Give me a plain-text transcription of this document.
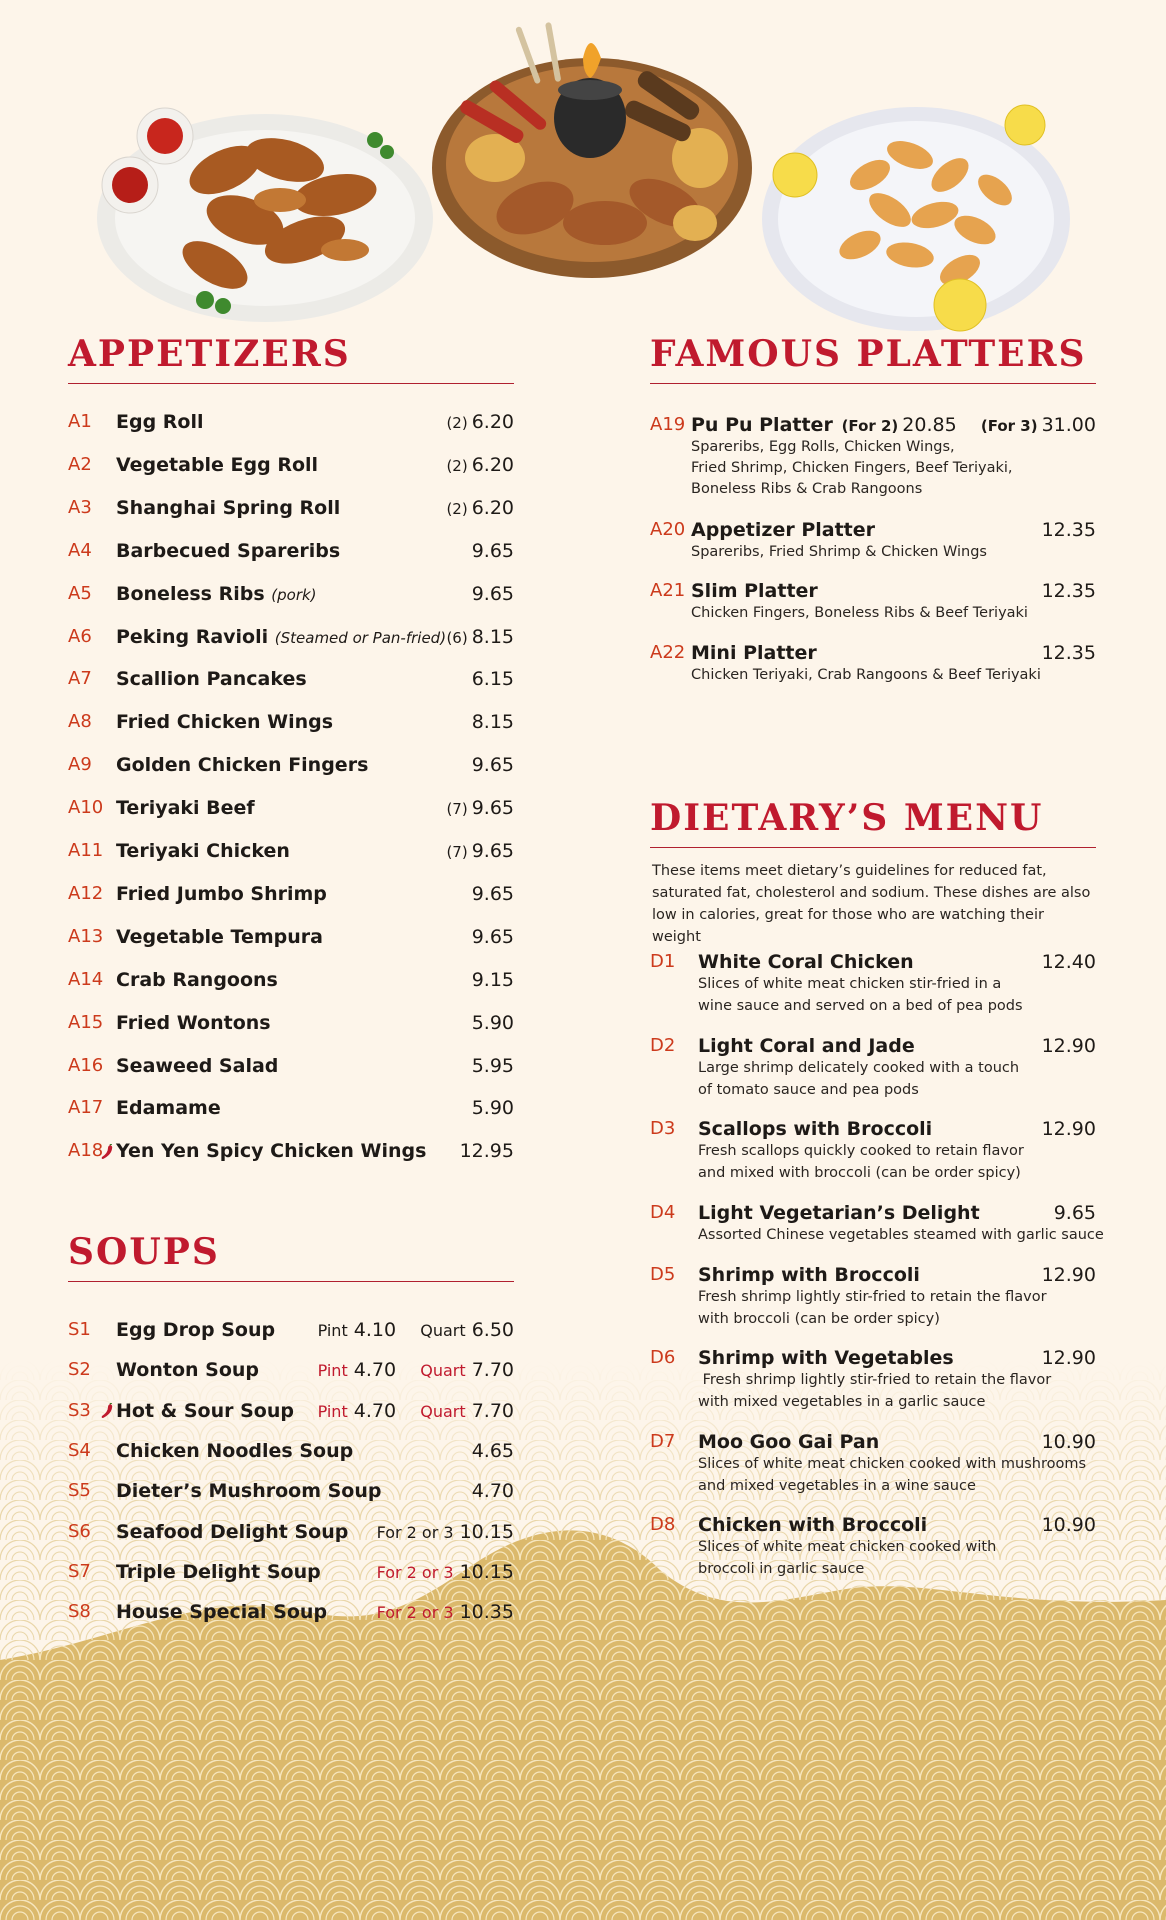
APPETIZERS
A1 Egg Roll	(2) 6.20
A2 Vegetable Egg Roll	(2) 6.20
A3 Shanghai Spring Roll	(2) 6.20
A4 Barbecued Spareribs	9.65
A5 Boneless Ribs (pork)	9.65
A6 Peking Ravioli (Steamed or Pan-fried) (6) 8.15
A7 Scallion Pancakes	6.15
A8 Fried Chicken Wings	8.15
A9 Golden Chicken Fingers	9.65
A10 Teriyaki Beef	(7) 9.65
A11 Teriyaki Chicken	(7) 9.65
A12 Fried Jumbo Shrimp	9.65
A13 Vegetable Tempura	9.65
A14 Crab Rangoons	9.15
A15 Fried Wontons	5.90
A16 Seaweed Salad	5.95
A17 Edamame	5.90
A18 Yen Yen Spicy Chicken Wings 12.95
SOUPS
S1 Egg Drop Soup	Pint 4.10 Quart 6.50
S2 Wonton Soup	Pint 4.70 Quart 7.70
S3	Hot & Sour Soup Pint 4.70 Quart 7.70
S4 Chicken Noodles Soup	4.65
S5 Dieter’s Mushroom Soup	4.70
S6 Seafood Delight Soup For 2 or 3 10.15
S7 Triple Delight Soup	For 2 or 3 10.15
S8 House Special Soup	For 2 or 3 10.35
FAMOUS PLATTERS
A19 Pu Pu Platter (For 2) 20.85 (For 3) 31.00
Spareribs, Egg Rolls, Chicken Wings,
Fried Shrimp, Chicken Fingers, Beef Teriyaki,
Boneless Ribs & Crab Rangoons
A20 Appetizer Platter	12.35
Spareribs, Fried Shrimp & Chicken Wings
A21 Slim Platter	12.35
Chicken Fingers, Boneless Ribs & Beef Teriyaki
A22 Mini Platter	12.35
Chicken Teriyaki, Crab Rangoons & Beef Teriyaki
DIETARY’S MENU
These items meet dietary’s guidelines for reduced fat,
saturated fat, cholesterol and sodium. These dishes are also
low in calories, great for those who are watching their weight
D1 White Coral Chicken	12.40
Slices of white meat chicken stir-fried in a
wine sauce and served on a bed of pea pods
D2 Light Coral and Jade	12.90
Large shrimp delicately cooked with a touch
of tomato sauce and pea pods
D3 Scallops with Broccoli	12.90
Fresh scallops quickly cooked to retain flavor
and mixed with broccoli (can be order spicy)
D4 Light Vegetarian’s Delight	9.65
Assorted Chinese vegetables steamed with garlic sauce
D5 Shrimp with Broccoli	12.90
Fresh shrimp lightly stir-fried to retain the flavor
with broccoli (can be order spicy)
D6 Shrimp with Vegetables	12.90
Fresh shrimp lightly stir-fried to retain the flavor
with mixed vegetables in a garlic sauce
D7 Moo Goo Gai Pan	10.90
Slices of white meat chicken cooked with mushrooms
and mixed vegetables in a wine sauce
D8 Chicken with Broccoli	10.90
Slices of white meat chicken cooked with
broccoli in garlic sauce
